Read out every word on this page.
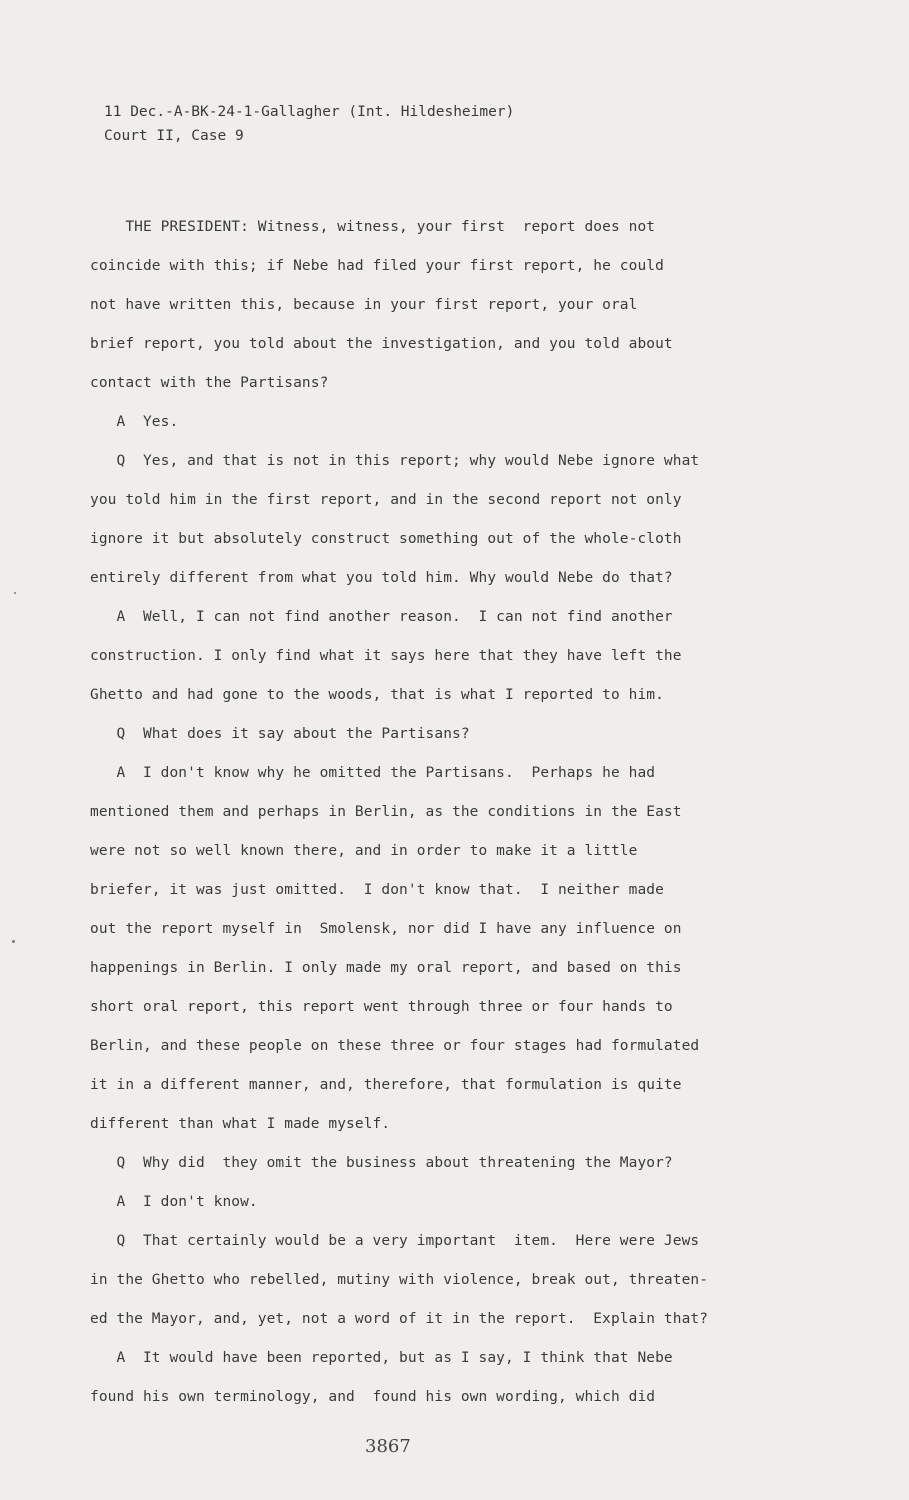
11 Dec.-A-BK-24-1-Gallagher (Int. Hildesheimer)
Court II, Case 9
THE PRESIDENT: Witness, witness, your first  report does not
coincide with this; if Nebe had filed your first report, he could
not have written this, because in your first report, your oral
brief report, you told about the investigation, and you told about
contact with the Partisans?
A  Yes.
Q  Yes, and that is not in this report; why would Nebe ignore what
you told him in the first report, and in the second report not only
ignore it but absolutely construct something out of the whole-cloth
entirely different from what you told him. Why would Nebe do that?
A  Well, I can not find another reason.  I can not find another
construction. I only find what it says here that they have left the
Ghetto and had gone to the woods, that is what I reported to him.
Q  What does it say about the Partisans?
A  I don't know why he omitted the Partisans.  Perhaps he had
mentioned them and perhaps in Berlin, as the conditions in the East
were not so well known there, and in order to make it a little
briefer, it was just omitted.  I don't know that.  I neither made
out the report myself in  Smolensk, nor did I have any influence on
happenings in Berlin. I only made my oral report, and based on this
short oral report, this report went through three or four hands to
Berlin, and these people on these three or four stages had formulated
it in a different manner, and, therefore, that formulation is quite
different than what I made myself.
Q  Why did  they omit the business about threatening the Mayor?
A  I don't know.
Q  That certainly would be a very important  item.  Here were Jews
in the Ghetto who rebelled, mutiny with violence, break out, threaten-
ed the Mayor, and, yet, not a word of it in the report.  Explain that?
A  It would have been reported, but as I say, I think that Nebe
found his own terminology, and  found his own wording, which did
3867
